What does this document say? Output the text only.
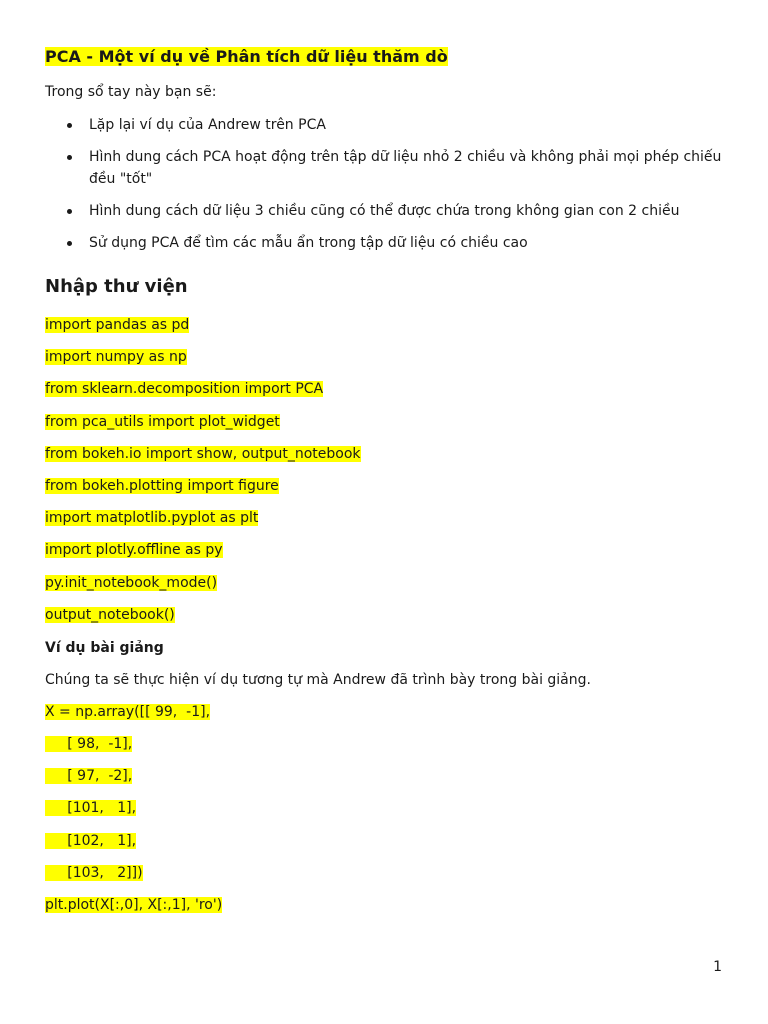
PCA - Một ví dụ về Phân tích dữ liệu thăm dò
Trong sổ tay này bạn sẽ:
Lặp lại ví dụ của Andrew trên PCA
Hình dung cách PCA hoạt động trên tập dữ liệu nhỏ 2 chiều và không phải mọi phép chiếu đều "tốt"
Hình dung cách dữ liệu 3 chiều cũng có thể được chứa trong không gian con 2 chiều
Sử dụng PCA để tìm các mẫu ẩn trong tập dữ liệu có chiều cao
Nhập thư viện
import pandas as pd
import numpy as np
from sklearn.decomposition import PCA
from pca_utils import plot_widget
from bokeh.io import show, output_notebook
from bokeh.plotting import figure
import matplotlib.pyplot as plt
import plotly.offline as py
py.init_notebook_mode()
output_notebook()
Ví dụ bài giảng
Chúng ta sẽ thực hiện ví dụ tương tự mà Andrew đã trình bày trong bài giảng.
X = np.array([[ 99,  -1],
[ 98,  -1],
[ 97,  -2],
[101,   1],
[102,   1],
[103,   2]])
plt.plot(X[:,0], X[:,1], 'ro')
1
